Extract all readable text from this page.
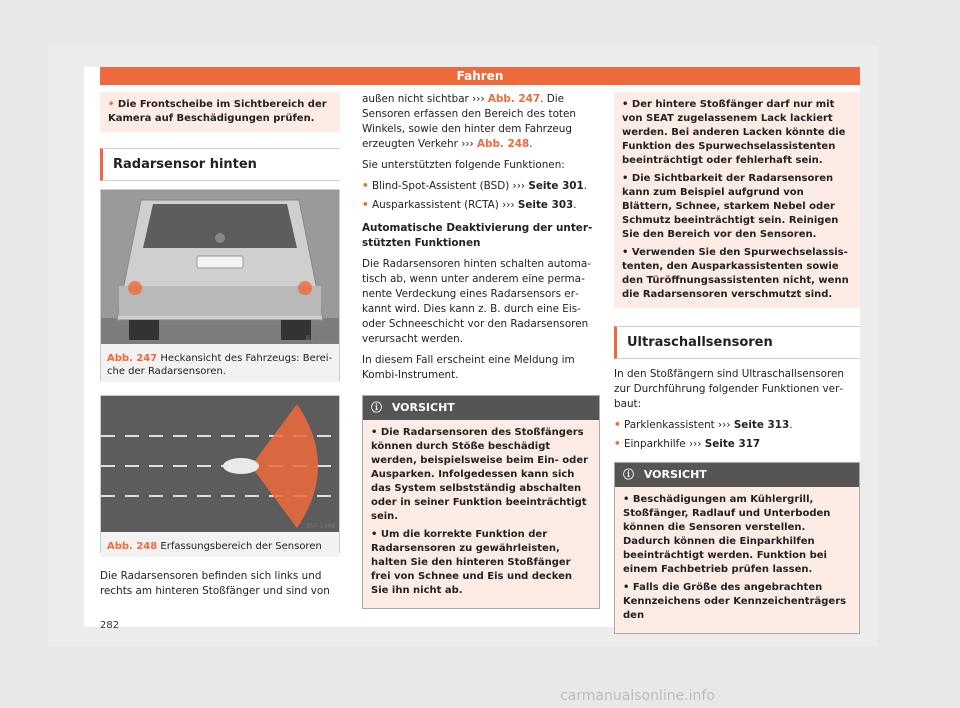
Fahren
• Die Frontscheibe im Sichtbereich der Kamera auf Beschädigungen prüfen.
Radarsensor hinten
B7V-1058
Abb. 247 Heckansicht des Fahrzeugs: Bereiche der Radarsensoren.
B5F-1346
Abb. 248 Erfassungsbereich der Sensoren

Die Radarsensoren befinden sich links und rechts am hinteren Stoßfänger und sind von

außen nicht sichtbar ››› Abb. 247. Die Sensoren erfassen den Bereich des toten Winkels, sowie den hinter dem Fahrzeug erzeugten Verkehr ››› Abb. 248.

Sie unterstützten folgende Funktionen:

• Blind-Spot-Assistent (BSD) ››› Seite 301.

• Ausparkassistent (RCTA) ››› Seite 303.

Automatische Deaktivierung der unterstützten Funktionen

Die Radarsensoren hinten schalten automatisch ab, wenn unter anderem eine permanente Verdeckung eines Radarsensors erkannt wird. Dies kann z. B. durch eine Eis- oder Schneeschicht vor den Radarsensoren verursacht werden.

In diesem Fall erscheint eine Meldung im Kombi-Instrument.

ⓘ VORSICHT

• Die Radarsensoren des Stoßfängers können durch Stöße beschädigt werden, beispielsweise beim Ein- oder Ausparken. Infolgedessen kann sich das System selbstständig abschalten oder in seiner Funktion beeinträchtigt sein.

• Um die korrekte Funktion der Radarsensoren zu gewährleisten, halten Sie den hinteren Stoßfänger frei von Schnee und Eis und decken Sie ihn nicht ab.

• Der hintere Stoßfänger darf nur mit von SEAT zugelassenem Lack lackiert werden. Bei anderen Lacken könnte die Funktion des Spurwechselassistenten beeinträchtigt oder fehlerhaft sein.

• Die Sichtbarkeit der Radarsensoren kann zum Beispiel aufgrund von Blättern, Schnee, starkem Nebel oder Schmutz beeinträchtigt sein. Reinigen Sie den Bereich vor den Sensoren.

• Verwenden Sie den Spurwechselassistenten, den Ausparkassistenten sowie den Türöffnungsassistenten nicht, wenn die Radarsensoren verschmutzt sind.

Ultraschallsensoren

In den Stoßfängern sind Ultraschallsensoren zur Durchführung folgender Funktionen verbaut:

• Parklenkassistent ››› Seite 313.

• Einparkhilfe ››› Seite 317

ⓘ VORSICHT

• Beschädigungen am Kühlergrill, Stoßfänger, Radlauf und Unterboden können die Sensoren verstellen. Dadurch können die Einparkhilfen beeinträchtigt werden. Funktion bei einem Fachbetrieb prüfen lassen.

• Falls die Größe des angebrachten Kennzeichens oder Kennzeichenträgers den

282
carmanualsonline.info
